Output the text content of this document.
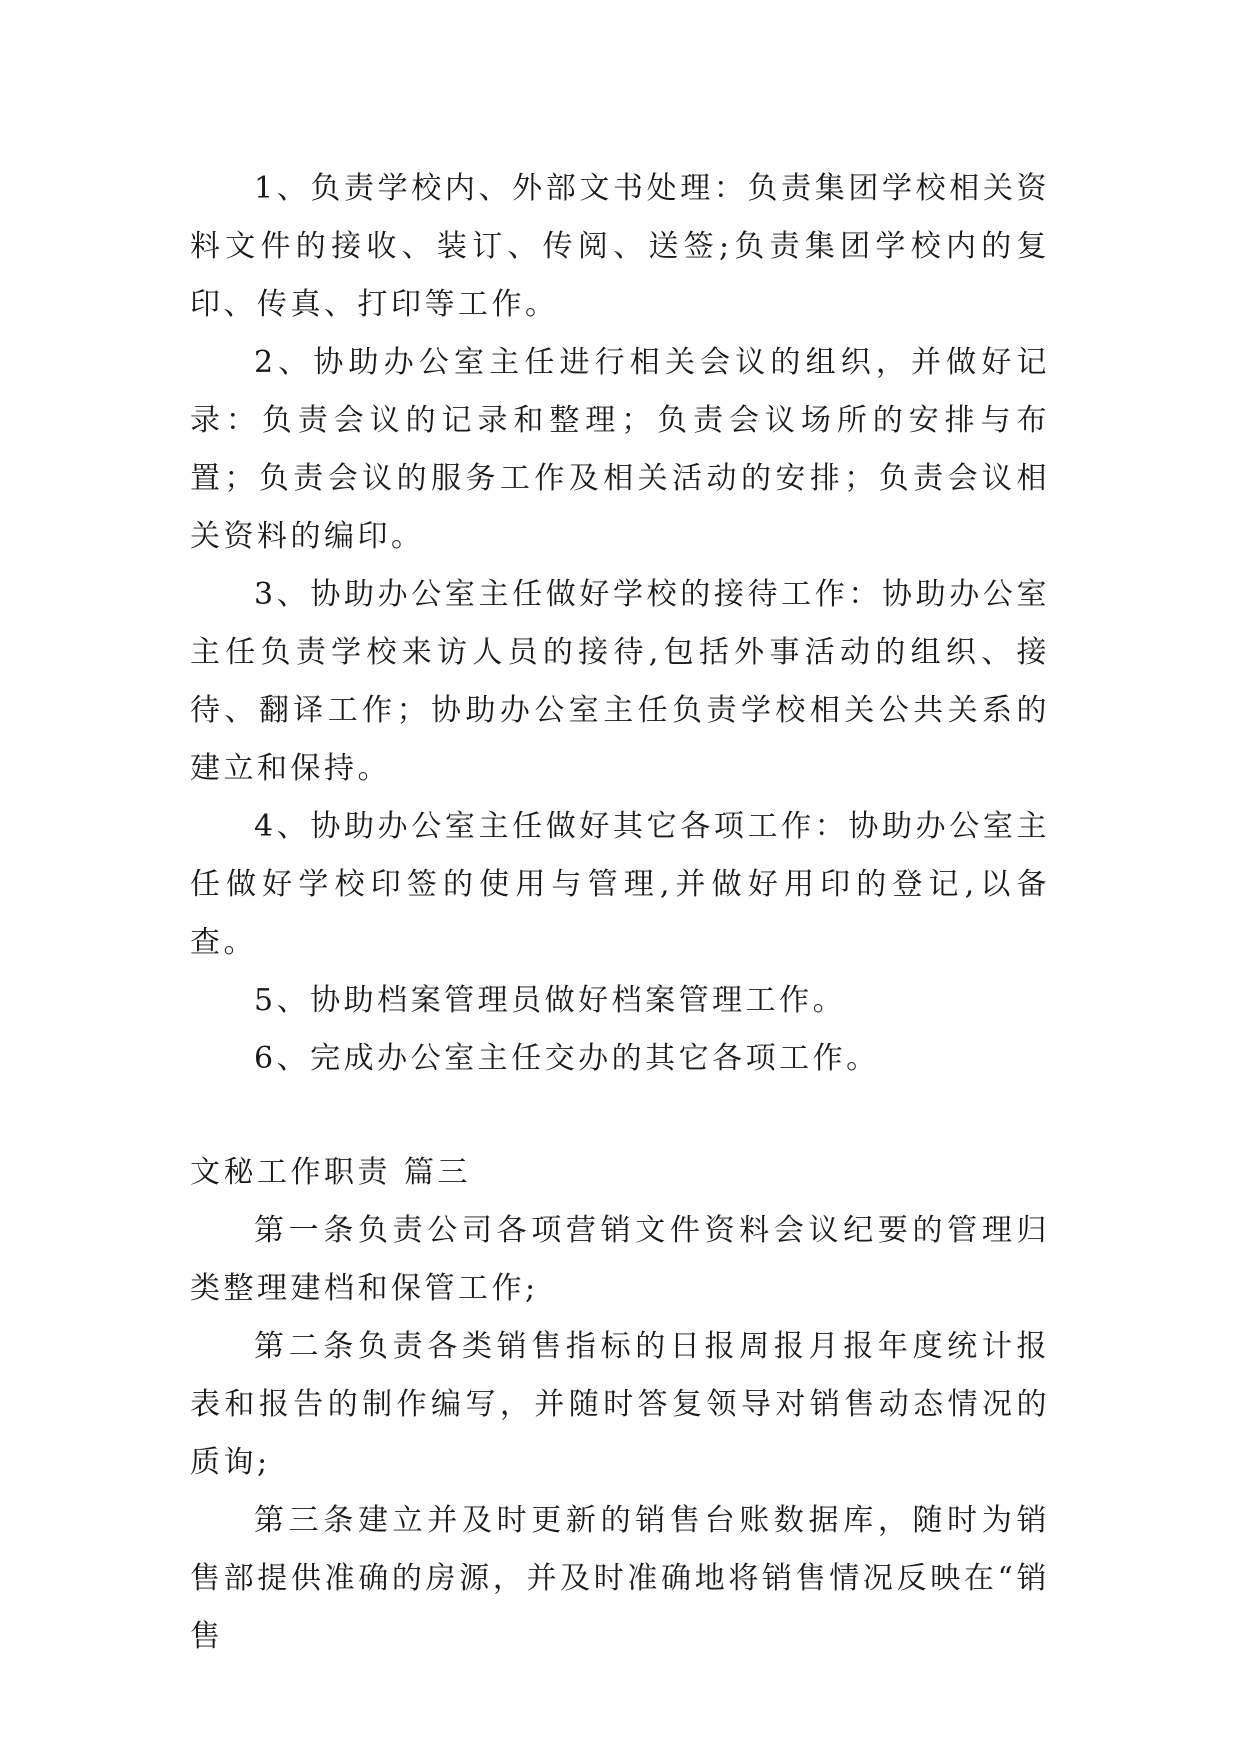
1、负责学校内、外部文书处理：负责集团学校相关资料文件的接收、装订、传阅、送签;负责集团学校内的复印、传真、打印等工作。

2、协助办公室主任进行相关会议的组织，并做好记录：负责会议的记录和整理；负责会议场所的安排与布置；负责会议的服务工作及相关活动的安排；负责会议相关资料的编印。

3、协助办公室主任做好学校的接待工作：协助办公室主任负责学校来访人员的接待,包括外事活动的组织、接待、翻译工作；协助办公室主任负责学校相关公共关系的建立和保持。

4、协助办公室主任做好其它各项工作：协助办公室主任做好学校印签的使用与管理,并做好用印的登记,以备查。

5、协助档案管理员做好档案管理工作。

6、完成办公室主任交办的其它各项工作。

文秘工作职责 篇三

第一条负责公司各项营销文件资料会议纪要的管理归类整理建档和保管工作;

第二条负责各类销售指标的日报周报月报年度统计报表和报告的制作编写，并随时答复领导对销售动态情况的质询;

第三条建立并及时更新的销售台账数据库，随时为销售部提供准确的房源，并及时准确地将销售情况反映在“销售
